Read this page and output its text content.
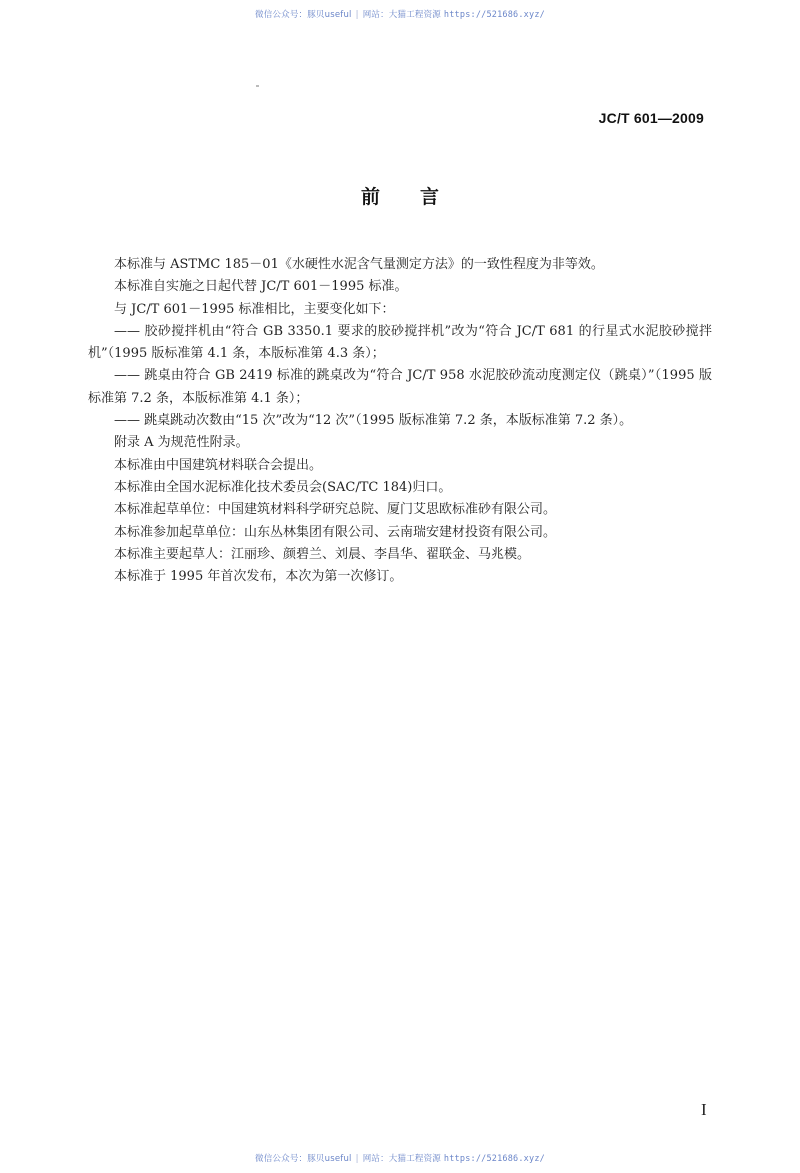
微信公众号：豚贝useful | 网站：大猫工程资源 https://521686.xyz/
JC/T 601—2009
前 言

本标准与 ASTMC 185－01《水硬性水泥含气量测定方法》的一致性程度为非等效。

本标准自实施之日起代替 JC/T 601－1995 标准。

与 JC/T 601－1995 标准相比，主要变化如下：

—— 胶砂搅拌机由“符合 GB 3350.1 要求的胶砂搅拌机”改为“符合 JC/T 681 的行星式水泥胶砂搅拌机”（1995 版标准第 4.1 条，本版标准第 4.3 条）；

—— 跳桌由符合 GB 2419 标准的跳桌改为“符合 JC/T 958 水泥胶砂流动度测定仪（跳桌）”（1995 版标准第 7.2 条，本版标准第 4.1 条）；

—— 跳桌跳动次数由“15 次”改为“12 次”（1995 版标准第 7.2 条，本版标准第 7.2 条）。

附录 A 为规范性附录。

本标准由中国建筑材料联合会提出。

本标准由全国水泥标准化技术委员会(SAC/TC 184)归口。

本标准起草单位：中国建筑材料科学研究总院、厦门艾思欧标准砂有限公司。

本标准参加起草单位：山东丛林集团有限公司、云南瑞安建材投资有限公司。

本标准主要起草人：江丽珍、颜碧兰、刘晨、李昌华、翟联金、马兆模。

本标准于 1995 年首次发布，本次为第一次修订。

I
微信公众号：豚贝useful | 网站：大猫工程资源 https://521686.xyz/
